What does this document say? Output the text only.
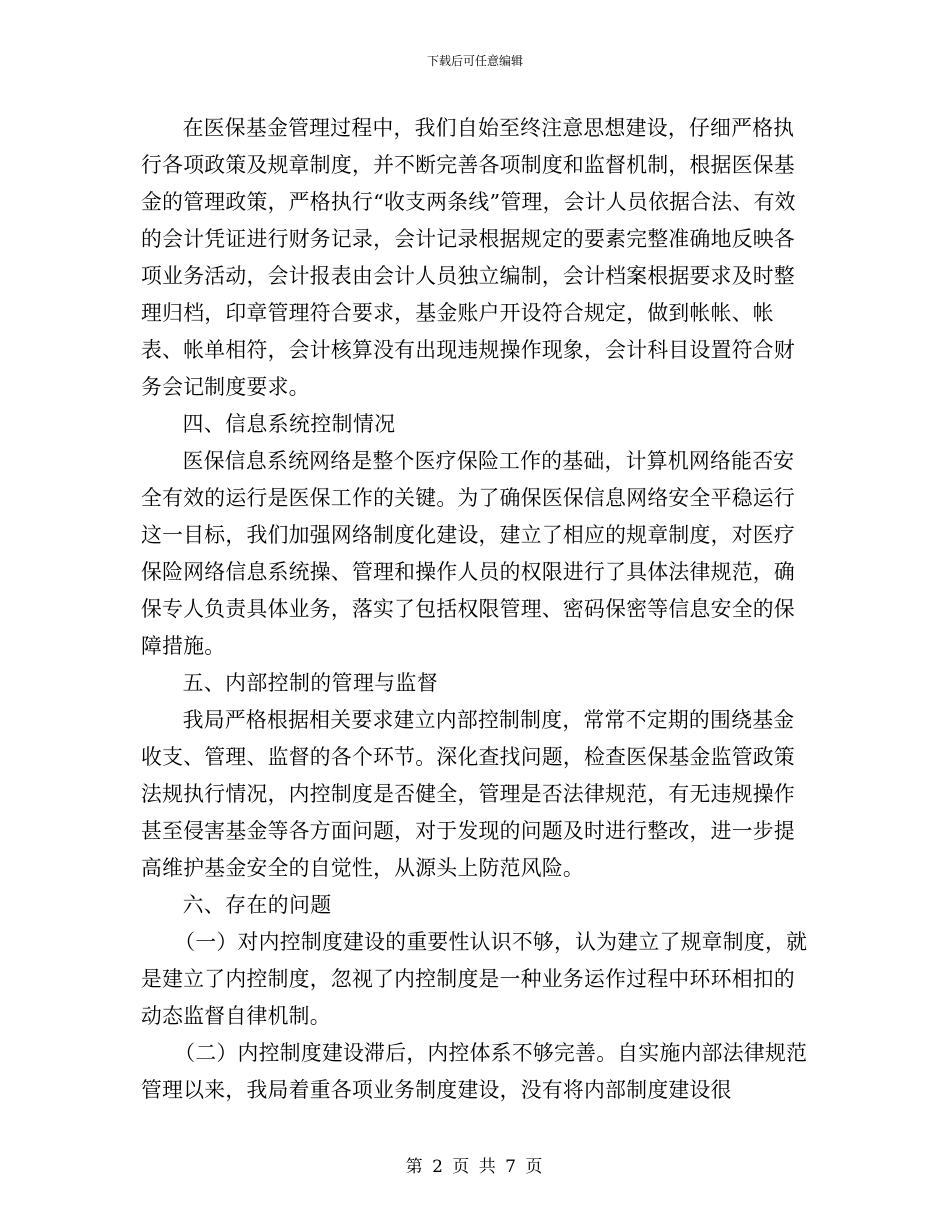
下载后可任意编辑

在医保基金管理过程中，我们自始至终注意思想建设，仔细严格执行各项政策及规章制度，并不断完善各项制度和监督机制，根据医保基金的管理政策，严格执行“收支两条线”管理，会计人员依据合法、有效的会计凭证进行财务记录，会计记录根据规定的要素完整准确地反映各项业务活动，会计报表由会计人员独立编制，会计档案根据要求及时整理归档，印章管理符合要求，基金账户开设符合规定，做到帐帐、帐表、帐单相符，会计核算没有出现违规操作现象，会计科目设置符合财务会记制度要求。

四、信息系统控制情况

医保信息系统网络是整个医疗保险工作的基础，计算机网络能否安全有效的运行是医保工作的关键。为了确保医保信息网络安全平稳运行这一目标，我们加强网络制度化建设，建立了相应的规章制度，对医疗保险网络信息系统操、管理和操作人员的权限进行了具体法律规范，确保专人负责具体业务，落实了包括权限管理、密码保密等信息安全的保障措施。

五、内部控制的管理与监督

我局严格根据相关要求建立内部控制制度，常常不定期的围绕基金收支、管理、监督的各个环节。深化查找问题，检查医保基金监管政策法规执行情况，内控制度是否健全，管理是否法律规范，有无违规操作甚至侵害基金等各方面问题，对于发现的问题及时进行整改，进一步提高维护基金安全的自觉性，从源头上防范风险。

六、存在的问题

（一）对内控制度建设的重要性认识不够，认为建立了规章制度，就是建立了内控制度，忽视了内控制度是一种业务运作过程中环环相扣的动态监督自律机制。

（二）内控制度建设滞后，内控体系不够完善。自实施内部法律规范管理以来，我局着重各项业务制度建设，没有将内部制度建设很

第 2 页 共 7 页
